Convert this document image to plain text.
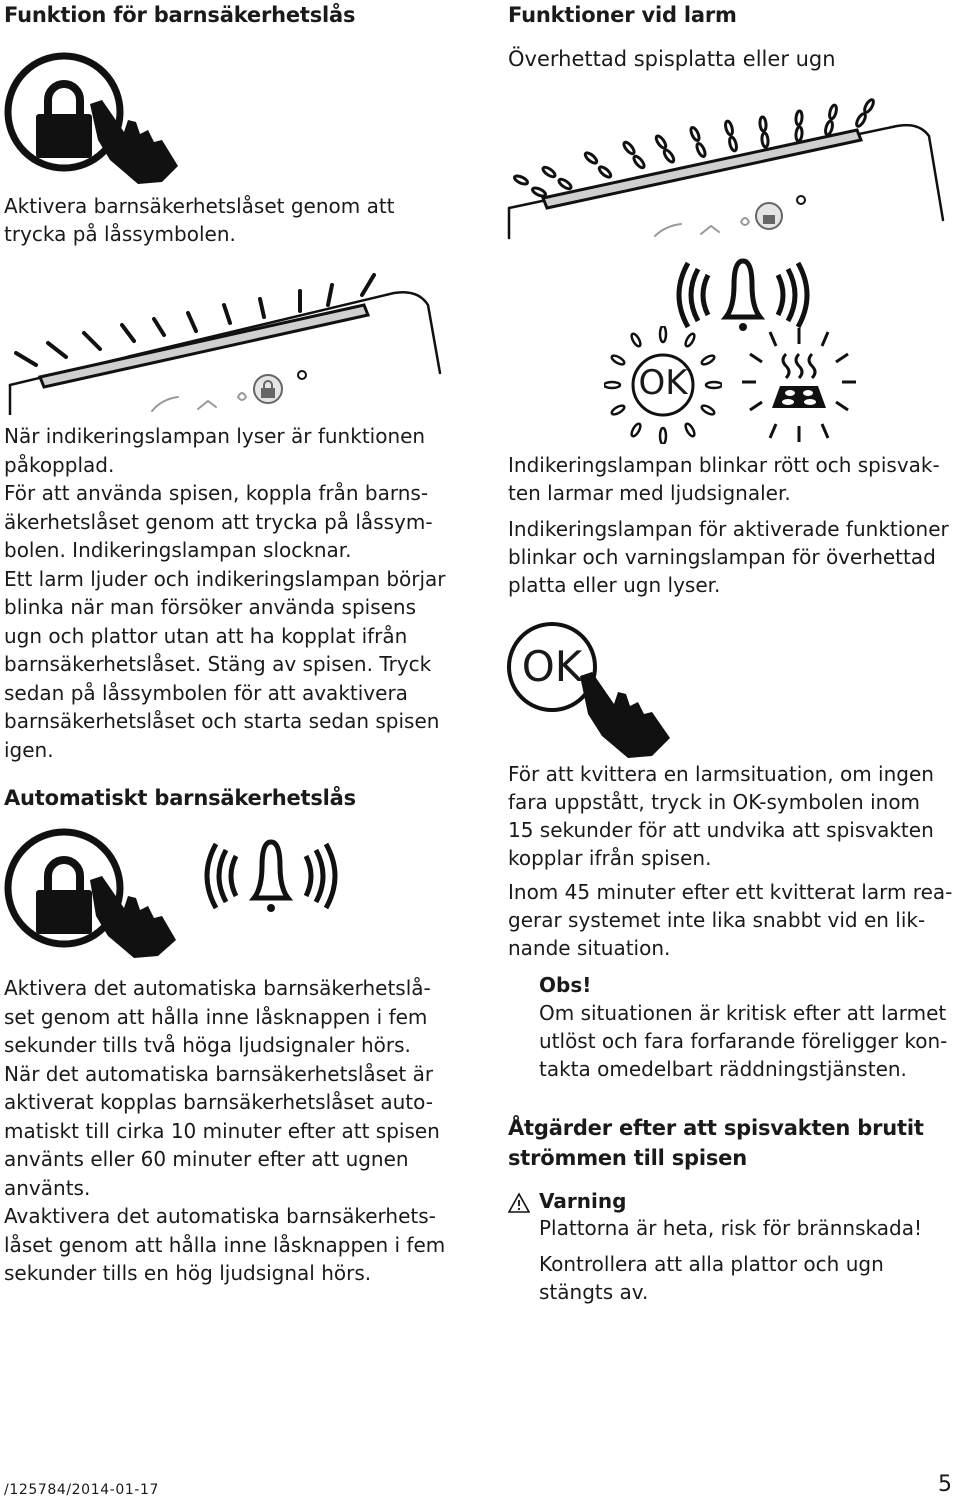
Funktion för barnsäkerhetslås
Aktivera barnsäkerhetslåset genom att
trycka på låssymbolen.
När indikeringslampan lyser är funktionen
påkopplad.
För att använda spisen, koppla från barns-
äkerhetslåset genom att trycka på låssym-
bolen. Indikeringslampan slocknar.
Ett larm ljuder och indikeringslampan börjar
blinka när man försöker använda spisens
ugn och plattor utan att ha kopplat ifrån
barnsäkerhetslåset. Stäng av spisen. Tryck
sedan på låssymbolen för att avaktivera
barnsäkerhetslåset och starta sedan spisen
igen.
Automatiskt barnsäkerhetslås
Aktivera det automatiska barnsäkerhetslå-
set genom att hålla inne låsknappen i fem
sekunder tills två höga ljudsignaler hörs.
När det automatiska barnsäkerhetslåset är
aktiverat kopplas barnsäkerhetslåset auto-
matiskt till cirka 10 minuter efter att spisen
använts eller 60 minuter efter att ugnen
använts.
Avaktivera det automatiska barnsäkerhets-
låset genom att hålla inne låsknappen i fem
sekunder tills en hög ljudsignal hörs.
Funktioner vid larm
Överhettad spisplatta eller ugn
OK
Indikeringslampan blinkar rött och spisvak-
ten larmar med ljudsignaler.
Indikeringslampan för aktiverade funktioner
blinkar och varningslampan för överhettad
platta eller ugn lyser.
OK
För att kvittera en larmsituation, om ingen
fara uppstått, tryck in OK-symbolen inom
15 sekunder för att undvika att spisvakten
kopplar ifrån spisen.
Inom 45 minuter efter ett kvitterat larm rea-
gerar systemet inte lika snabbt vid en lik-
nande situation.
Obs!
Om situationen är kritisk efter att larmet
utlöst och fara forfarande föreligger kon-
takta omedelbart räddningstjänsten.
Åtgärder efter att spisvakten brutit
strömmen till spisen
Varning
Plattorna är heta, risk för brännskada!
Kontrollera att alla plattor och ugn
stängts av.
/125784/2014-01-17	5
